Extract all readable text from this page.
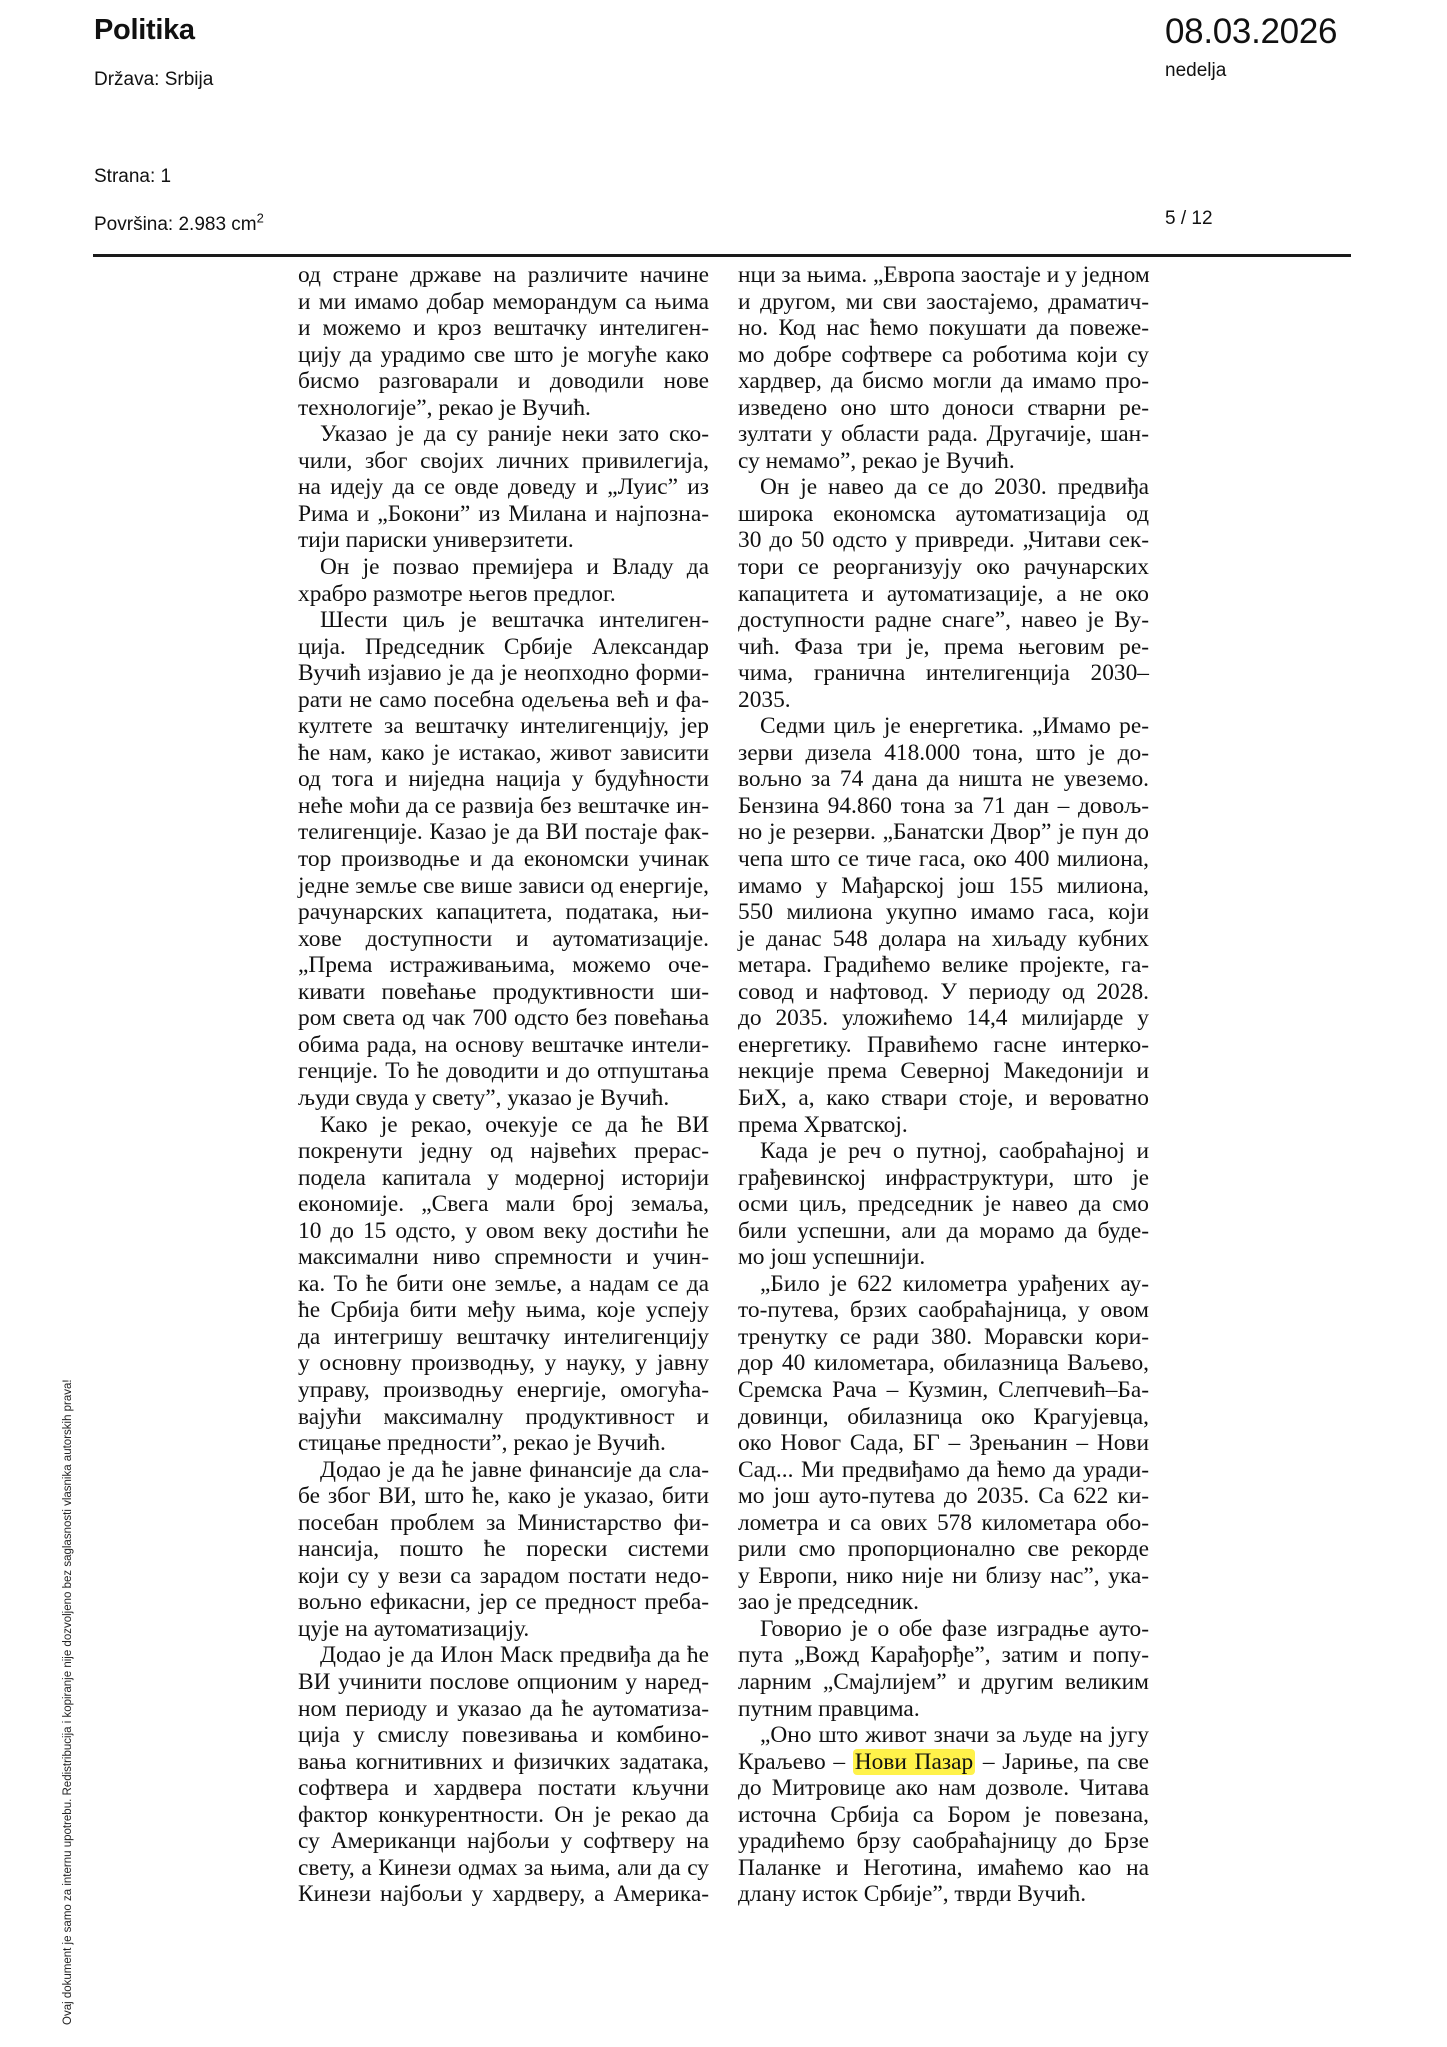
Politika
Država: Srbija
Strana: 1
Površina: 2.983 $cm^2$
08.03.2026
nedelja
5 / 12
Ovaj dokument je samo za internu upotrebu. Redistribucija i kopiranje nije dozvoljeno bez saglasnosti vlasnika autorskih prava!
од стране државе на различите начине
и ми имамо добар меморандум са њима
и можемо и кроз вештачку интелиген-
цију да урадимо све што је могуће како
бисмо разговарали и доводили нове
технологије”, рекао је Вучић.
Указао је да су раније неки зато ско-
чили, због својих личних привилегија,
на идеју да се овде доведу и „Луис” из
Рима и „Бокони” из Милана и најпозна-
тији париски универзитети.
Он је позвао премијера и Владу да
храбро размотре његов предлог.
Шести циљ је вештачка интелиген-
ција. Председник Србије Александар
Вучић изјавио је да је неопходно форми-
рати не само посебна одељења већ и фа-
култете за вештачку интелигенцију, јер
ће нам, како је истакао, живот зависити
од тога и ниједна нација у будућности
неће моћи да се развија без вештачке ин-
телигенције. Казао је да ВИ постаје фак-
тор производње и да економски учинак
једне земље све више зависи од енергије,
рачунарских капацитета, података, њи-
хове доступности и аутоматизације.
„Према истраживањима, можемо оче-
кивати повећање продуктивности ши-
ром света од чак 700 одсто без повећања
обима рада, на основу вештачке интели-
генције. То ће доводити и до отпуштања
људи свуда у свету”, указао је Вучић.
Како је рекао, очекује се да ће ВИ
покренути једну од највећих прерас-
подела капитала у модерној историји
економије. „Свега мали број земаља,
10 до 15 одсто, у овом веку достићи ће
максимални ниво спремности и учин-
ка. То ће бити оне земље, а надам се да
ће Србија бити међу њима, које успеју
да интегришу вештачку интелигенцију
у основну производњу, у науку, у јавну
управу, производњу енергије, омогућа-
вајући максималну продуктивност и
стицање предности”, рекао је Вучић.
Додао је да ће јавне финансије да сла-
бе због ВИ, што ће, како је указао, бити
посебан проблем за Министарство фи-
нансија, пошто ће порески системи
који су у вези са зарадом постати недо-
вољно ефикасни, јер се предност преба-
цује на аутоматизацију.
Додао је да Илон Маск предвиђа да ће
ВИ учинити послове опционим у наред-
ном периоду и указао да ће аутоматиза-
ција у смислу повезивања и комбино-
вања когнитивних и физичких задатака,
софтвера и хардвера постати кључни
фактор конкурентности. Он је рекао да
су Американци најбољи у софтверу на
свету, а Кинези одмах за њима, али да су
Кинези најбољи у хардверу, а Америка-
нци за њима. „Европа заостаје и у једном
и другом, ми сви заостајемо, драматич-
но. Код нас ћемо покушати да повеже-
мо добре софтвере са роботима који су
хардвер, да бисмо могли да имамо про-
изведено оно што доноси стварни ре-
зултати у области рада. Другачије, шан-
су немамо”, рекао је Вучић.
Он је навео да се до 2030. предвиђа
широка економска аутоматизација од
30 до 50 одсто у привреди. „Читави сек-
тори се реорганизују око рачунарских
капацитета и аутоматизације, а не око
доступности радне снаге”, навео је Ву-
чић. Фаза три је, према његовим ре-
чима, гранична интелигенција 2030–
2035.
Седми циљ је енергетика. „Имамо ре-
зерви дизела 418.000 тона, што је до-
вољно за 74 дана да ништа не увеземо.
Бензина 94.860 тона за 71 дан – довољ-
но је резерви. „Банатски Двор” је пун до
чепа што се тиче гаса, око 400 милиона,
имамо у Мађарској још 155 милиона,
550 милиона укупно имамо гаса, који
је данас 548 долара на хиљаду кубних
метара. Градићемо велике пројекте, га-
совод и нафтовод. У периоду од 2028.
до 2035. уложићемо 14,4 милијарде у
енергетику. Правићемо гасне интерко-
некције према Северној Македонији и
БиХ, а, како ствари стоје, и вероватно
према Хрватској.
Када је реч о путној, саобраћајној и
грађевинској инфраструктури, што је
осми циљ, председник је навео да смо
били успешни, али да морамо да буде-
мо још успешнији.
„Било је 622 километра урађених ау-
то-путева, брзих саобраћајница, у овом
тренутку се ради 380. Моравски кори-
дор 40 километара, обилазница Ваљево,
Сремска Рача – Кузмин, Слепчевић–Ба-
довинци, обилазница око Крагујевца,
око Новог Сада, БГ – Зрењанин – Нови
Сад... Ми предвиђамо да ћемо да уради-
мо још ауто-путева до 2035. Са 622 ки-
лометра и са ових 578 километара обо-
рили смо пропорционално све рекорде
у Европи, нико није ни близу нас”, ука-
зао је председник.
Говорио је о обе фазе изградње ауто-
пута „Вожд Карађорђе”, затим и попу-
ларним „Смајлијем” и другим великим
путним правцима.
„Оно што живот значи за људе на југу
Краљево – Нови Пазар – Јариње, па све
до Митровице ако нам дозволе. Читава
источна Србија са Бором је повезана,
урадићемо брзу саобраћајницу до Брзе
Паланке и Неготина, имаћемо као на
длану исток Србије”, тврди Вучић.
